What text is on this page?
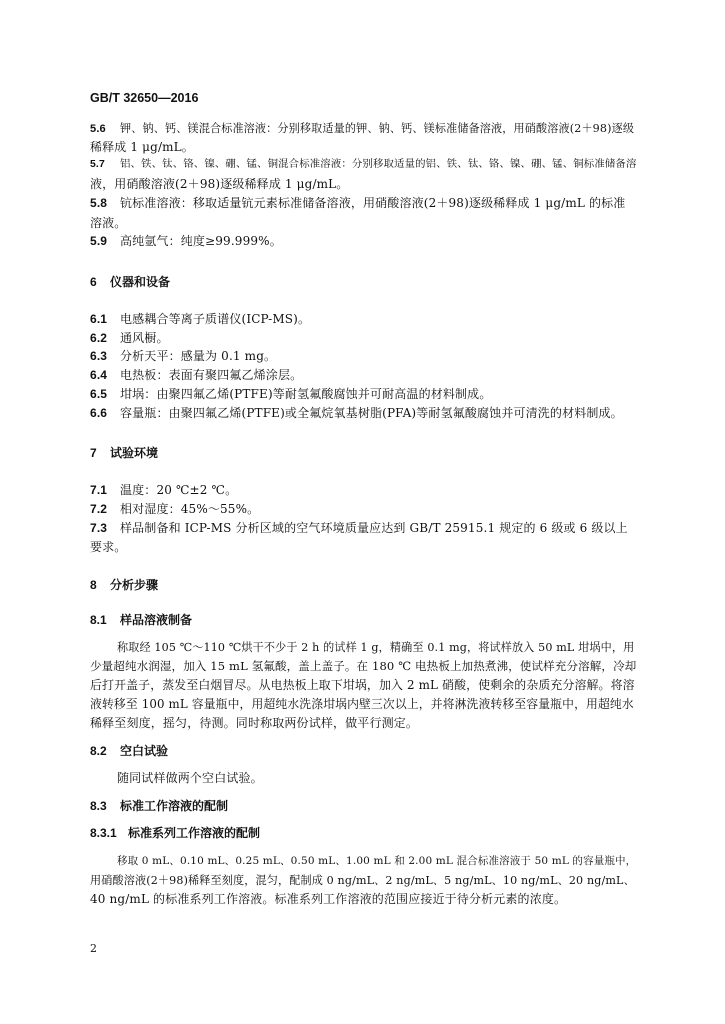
GB/T 32650—2016
5.6 钾、钠、钙、镁混合标准溶液：分别移取适量的钾、钠、钙、镁标准储备溶液，用硝酸溶液(2＋98)逐级
稀释成 1 μg/mL。
5.7 铝、铁、钛、铬、镍、硼、锰、铜混合标准溶液：分别移取适量的铝、铁、钛、铬、镍、硼、锰、铜标准储备溶
液，用硝酸溶液(2＋98)逐级稀释成 1 μg/mL。
5.8 钪标准溶液：移取适量钪元素标准储备溶液，用硝酸溶液(2＋98)逐级稀释成 1 μg/mL 的标准
溶液。
5.9 高纯氩气：纯度≥99.999%。
6 仪器和设备
6.1 电感耦合等离子质谱仪(ICP-MS)。
6.2 通风橱。
6.3 分析天平：感量为 0.1 mg。
6.4 电热板：表面有聚四氟乙烯涂层。
6.5 坩埚：由聚四氟乙烯(PTFE)等耐氢氟酸腐蚀并可耐高温的材料制成。
6.6 容量瓶：由聚四氟乙烯(PTFE)或全氟烷氧基树脂(PFA)等耐氢氟酸腐蚀并可清洗的材料制成。
7 试验环境
7.1 温度：20 ℃±2 ℃。
7.2 相对湿度：45%～55%。
7.3 样品制备和 ICP-MS 分析区域的空气环境质量应达到 GB/T 25915.1 规定的 6 级或 6 级以上
要求。
8 分析步骤
8.1 样品溶液制备
称取经 105 ℃～110 ℃烘干不少于 2 h 的试样 1 g，精确至 0.1 mg，将试样放入 50 mL 坩埚中，用
少量超纯水润湿，加入 15 mL 氢氟酸，盖上盖子。在 180 ℃ 电热板上加热煮沸，使试样充分溶解，冷却
后打开盖子，蒸发至白烟冒尽。从电热板上取下坩埚，加入 2 mL 硝酸，使剩余的杂质充分溶解。将溶
液转移至 100 mL 容量瓶中，用超纯水洗涤坩埚内壁三次以上，并将淋洗液转移至容量瓶中，用超纯水
稀释至刻度，摇匀，待测。同时称取两份试样，做平行测定。
8.2 空白试验
随同试样做两个空白试验。
8.3 标准工作溶液的配制
8.3.1 标准系列工作溶液的配制
移取 0 mL、0.10 mL、0.25 mL、0.50 mL、1.00 mL 和 2.00 mL 混合标准溶液于 50 mL 的容量瓶中，
用硝酸溶液(2＋98)稀释至刻度，混匀，配制成 0 ng/mL、2 ng/mL、5 ng/mL、10 ng/mL、20 ng/mL、
40 ng/mL 的标准系列工作溶液。标准系列工作溶液的范围应接近于待分析元素的浓度。
2
